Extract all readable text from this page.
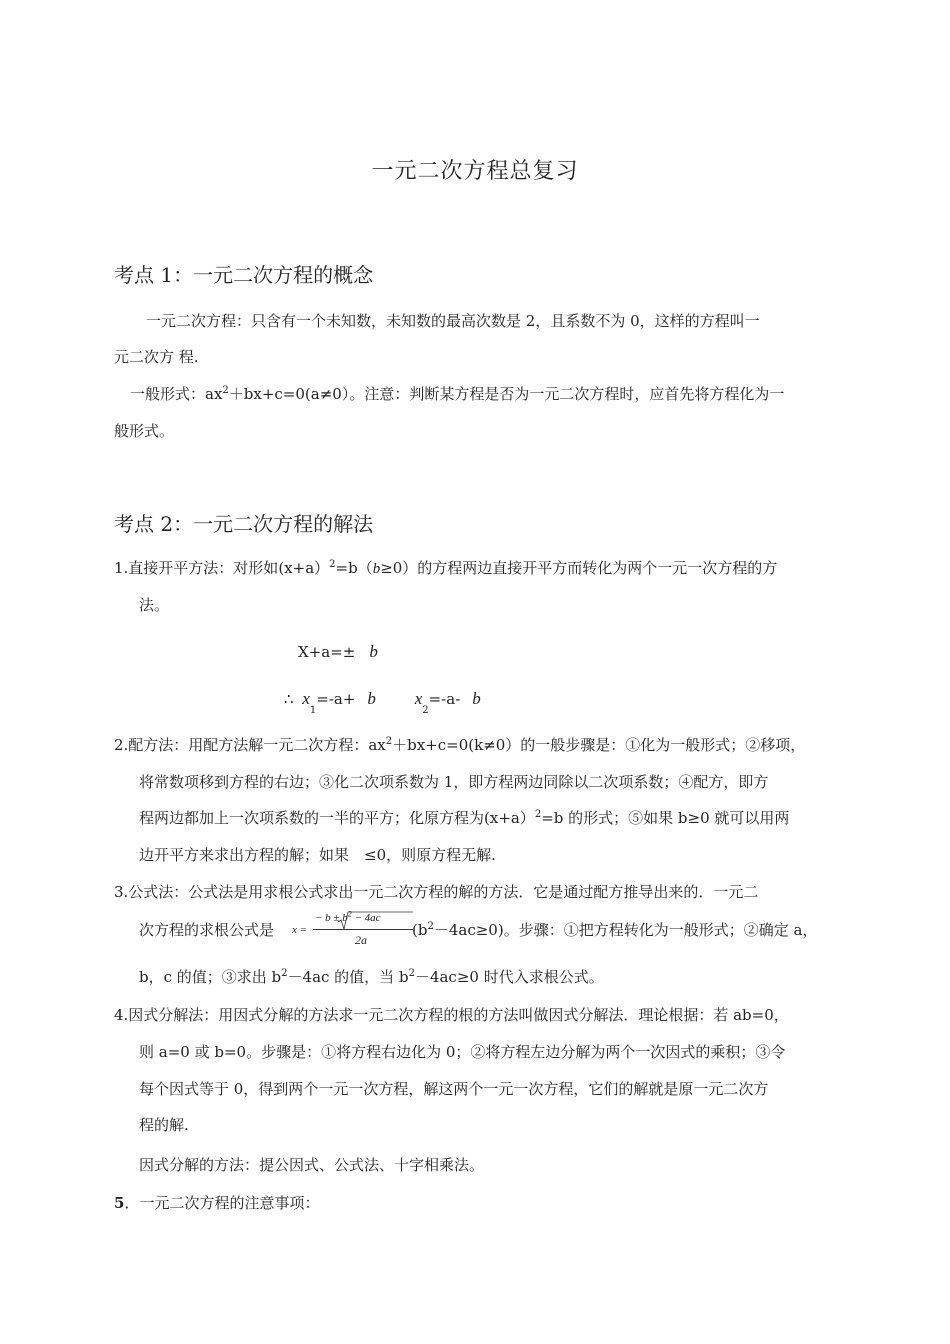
一元二次方程总复习
考点 1：一元二次方程的概念
一元二次方程：只含有一个未知数，未知数的最高次数是 2，且系数不为 0，这样的方程叫一
元二次方 程.
一般形式：$ax^2+bx+c=0(a\ne 0)$。注意：判断某方程是否为一元二次方程时，应首先将方程化为一
般形式。
考点 2：一元二次方程的解法
1.直接开平方法：对形如(x+a）$^2$=b（b≥0）的方程两边直接开平方而转化为两个一元一次方程的方
法。
X+a=± b
∴ $x_1=-a+ b$ $x_2=-a-$ b
2.配方法：用配方法解一元二次方程：$ax^2+bx+c=0(k\ne 0)$的一般步骤是：①化为一般形式；②移项，
将常数项移到方程的右边；③化二次项系数为 1，即方程两边同除以二次项系数；④配方，即方
程两边都加上一次项系数的一半的平方；化原方程为(x+a）$^2$=b 的形式；⑤如果 b≥0 就可以用两
边开平方来求出方程的解；如果　≤0，则原方程无解.
3.公式法：公式法是用求根公式求出一元二次方程的解的方法．它是通过配方推导出来的．一元二
次方程的求根公式是 x =
− $b \pm b^2 - 4ac$
2a
$(b^2-4ac\ge 0)$。步骤：①把方程转化为一般形式；②确定 a，
b，c 的值；③求出 $b^2-4ac$ 的值，当 $b^2-4ac\ge 0$ 时代入求根公式。
4.因式分解法：用因式分解的方法求一元二次方程的根的方法叫做因式分解法．理论根据：若 ab=0，
则 a=0 或 b=0。步骤是：①将方程右边化为 0；②将方程左边分解为两个一次因式的乘积；③令
每个因式等于 0，得到两个一元一次方程，解这两个一元一次方程，它们的解就是原一元二次方
程的解.
因式分解的方法：提公因式、公式法、十字相乘法。
5．一元二次方程的注意事项：
